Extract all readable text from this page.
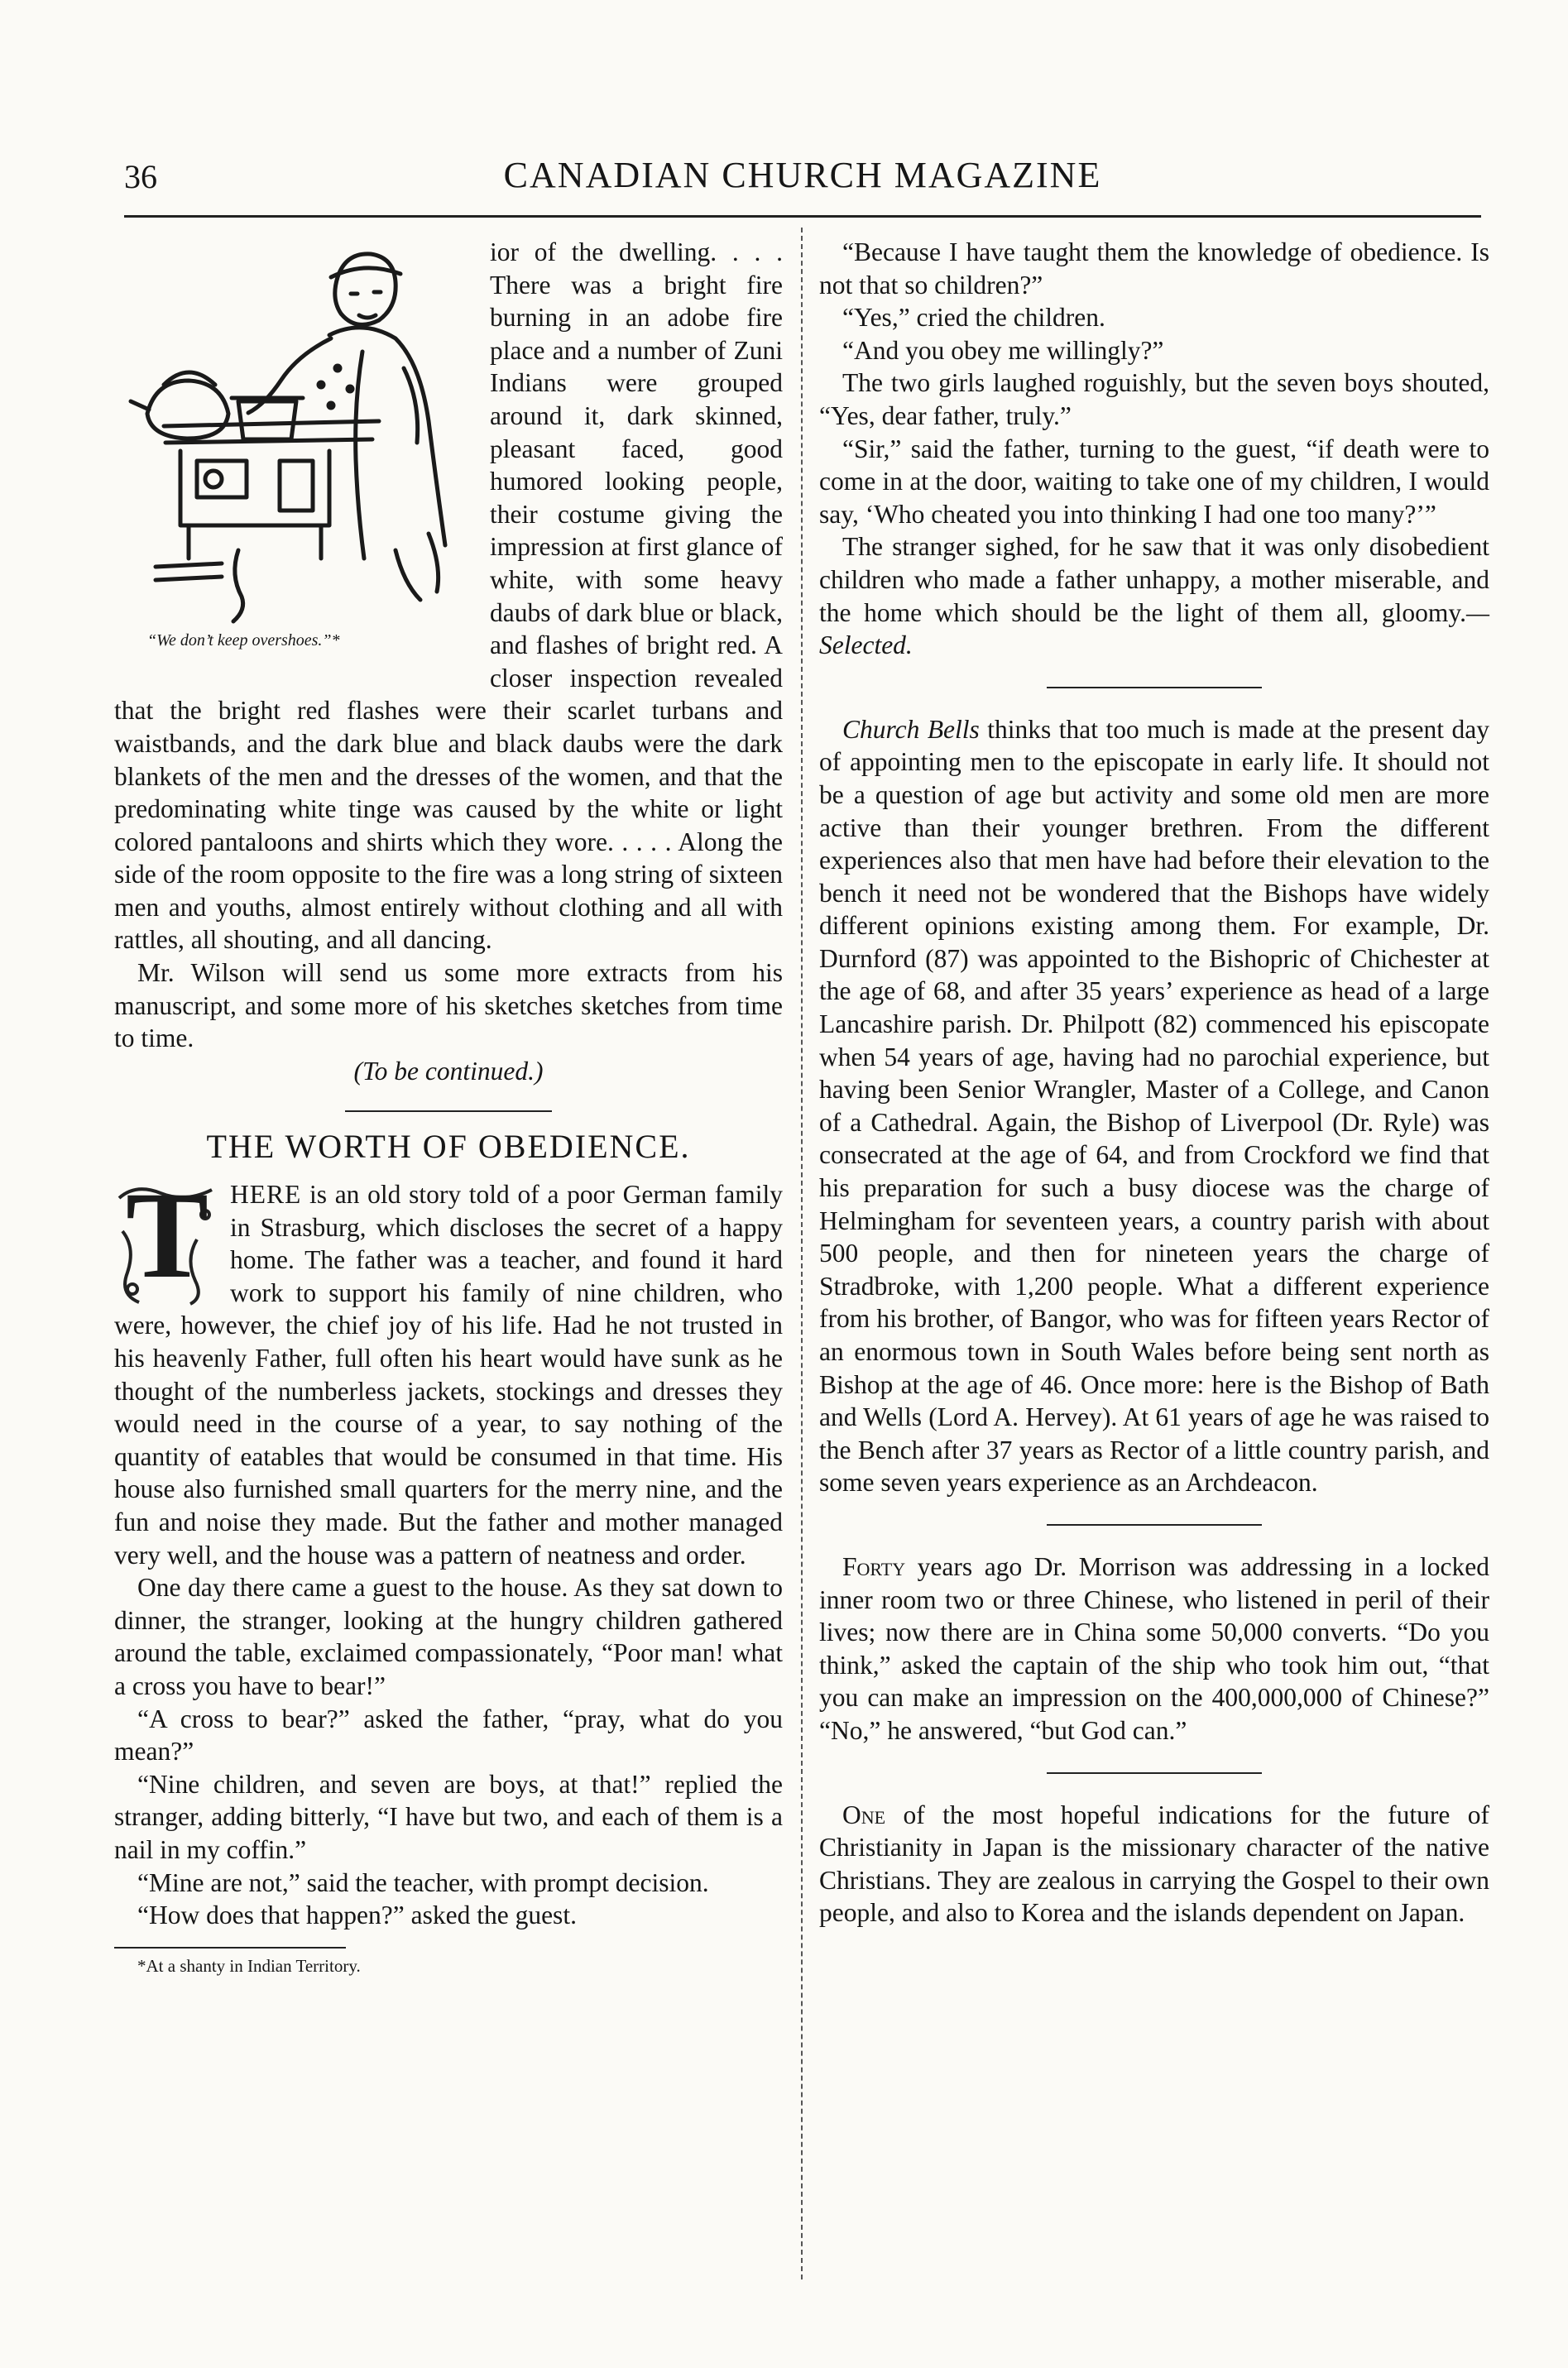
36	CANADIAN CHURCH MAGAZINE
“We don’t keep overshoes.”*

ior of the dwelling. . . . There was a bright fire burning in an adobe fire place and a number of Zuni Indians were grouped around it, dark skinned, pleasant faced, good humored looking people, their costume giving the impression at first glance of white, with some heavy daubs of dark blue or black, and flashes of bright red. A closer inspection revealed that the bright red flashes were their scarlet turbans and waistbands, and the dark blue and black daubs were the dark blankets of the men and the dresses of the women, and that the predominating white tinge was caused by the white or light colored pantaloons and shirts which they wore. . . . . Along the side of the room opposite to the fire was a long string of sixteen men and youths, almost entirely without clothing and all with rattles, all shouting, and all dancing.

Mr. Wilson will send us some more extracts from his manuscript, and some more of his sketches sketches from time to time.

(To be continued.)

THE WORTH OF OBEDIENCE.
T HERE is an old story told of a poor German family in Strasburg, which discloses the secret of a happy home. The father was a teacher, and found it hard work to support his family of nine children, who were, however, the chief joy of his life. Had he not trusted in his heavenly Father, full often his heart would have sunk as he thought of the numberless jackets, stockings and dresses they would need in the course of a year, to say nothing of the quantity of eatables that would be consumed in that time. His house also furnished small quarters for the merry nine, and the fun and noise they made. But the father and mother managed very well, and the house was a pattern of neatness and order.

One day there came a guest to the house. As they sat down to dinner, the stranger, looking at the hungry children gathered around the table, exclaimed compassionately, “Poor man! what a cross you have to bear!”

“A cross to bear?” asked the father, “pray, what do you mean?”

“Nine children, and seven are boys, at that!” replied the stranger, adding bitterly, “I have but two, and each of them is a nail in my coffin.”

“Mine are not,” said the teacher, with prompt decision.

“How does that happen?” asked the guest.

*At a shanty in Indian Territory.

“Because I have taught them the knowledge of obedience. Is not that so children?”

“Yes,” cried the children.

“And you obey me willingly?”

The two girls laughed roguishly, but the seven boys shouted, “Yes, dear father, truly.”

“Sir,” said the father, turning to the guest, “if death were to come in at the door, waiting to take one of my children, I would say, ‘Who cheated you into thinking I had one too many?’”

The stranger sighed, for he saw that it was only disobedient children who made a father unhappy, a mother miserable, and the home which should be the light of them all, gloomy.—Selected.

Church Bells thinks that too much is made at the present day of appointing men to the episcopate in early life. It should not be a question of age but activity and some old men are more active than their younger brethren. From the different experiences also that men have had before their elevation to the bench it need not be wondered that the Bishops have widely different opinions existing among them. For example, Dr. Durnford (87) was appointed to the Bishopric of Chichester at the age of 68, and after 35 years’ experience as head of a large Lancashire parish. Dr. Philpott (82) commenced his episcopate when 54 years of age, having had no parochial experience, but having been Senior Wrangler, Master of a College, and Canon of a Cathedral. Again, the Bishop of Liverpool (Dr. Ryle) was consecrated at the age of 64, and from Crockford we find that his preparation for such a busy diocese was the charge of Helmingham for seventeen years, a country parish with about 500 people, and then for nineteen years the charge of Stradbroke, with 1,200 people. What a different experience from his brother, of Bangor, who was for fifteen years Rector of an enormous town in South Wales before being sent north as Bishop at the age of 46. Once more: here is the Bishop of Bath and Wells (Lord A. Hervey). At 61 years of age he was raised to the Bench after 37 years as Rector of a little country parish, and some seven years experience as an Archdeacon.

Forty years ago Dr. Morrison was addressing in a locked inner room two or three Chinese, who listened in peril of their lives; now there are in China some 50,000 converts. “Do you think,” asked the captain of the ship who took him out, “that you can make an impression on the 400,000,000 of Chinese?” “No,” he answered, “but God can.”

One of the most hopeful indications for the future of Christianity in Japan is the missionary character of the native Christians. They are zealous in carrying the Gospel to their own people, and also to Korea and the islands dependent on Japan.
